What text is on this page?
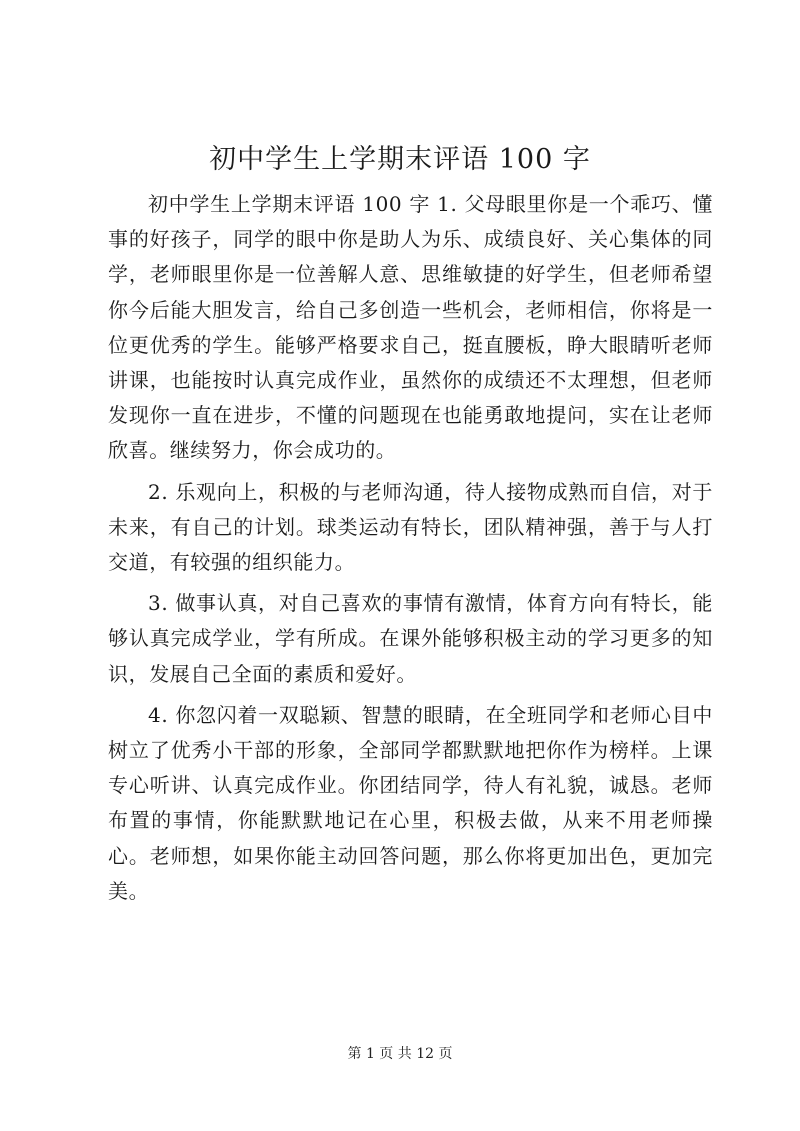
初中学生上学期末评语 100 字

初中学生上学期末评语 100 字 1. 父母眼里你是一个乖巧、懂事的好孩子，同学的眼中你是助人为乐、成绩良好、关心集体的同学，老师眼里你是一位善解人意、思维敏捷的好学生，但老师希望你今后能大胆发言，给自己多创造一些机会，老师相信，你将是一位更优秀的学生。能够严格要求自己，挺直腰板，睁大眼睛听老师讲课，也能按时认真完成作业，虽然你的成绩还不太理想，但老师发现你一直在进步，不懂的问题现在也能勇敢地提问，实在让老师欣喜。继续努力，你会成功的。

2. 乐观向上，积极的与老师沟通，待人接物成熟而自信，对于未来，有自己的计划。球类运动有特长，团队精神强，善于与人打交道，有较强的组织能力。

3. 做事认真，对自己喜欢的事情有激情，体育方向有特长，能够认真完成学业，学有所成。在课外能够积极主动的学习更多的知识，发展自己全面的素质和爱好。

4. 你忽闪着一双聪颖、智慧的眼睛，在全班同学和老师心目中树立了优秀小干部的形象，全部同学都默默地把你作为榜样。上课专心听讲、认真完成作业。你团结同学，待人有礼貌，诚恳。老师布置的事情，你能默默地记在心里，积极去做，从来不用老师操心。老师想，如果你能主动回答问题，那么你将更加出色，更加完美。

第 1 页 共 12 页
